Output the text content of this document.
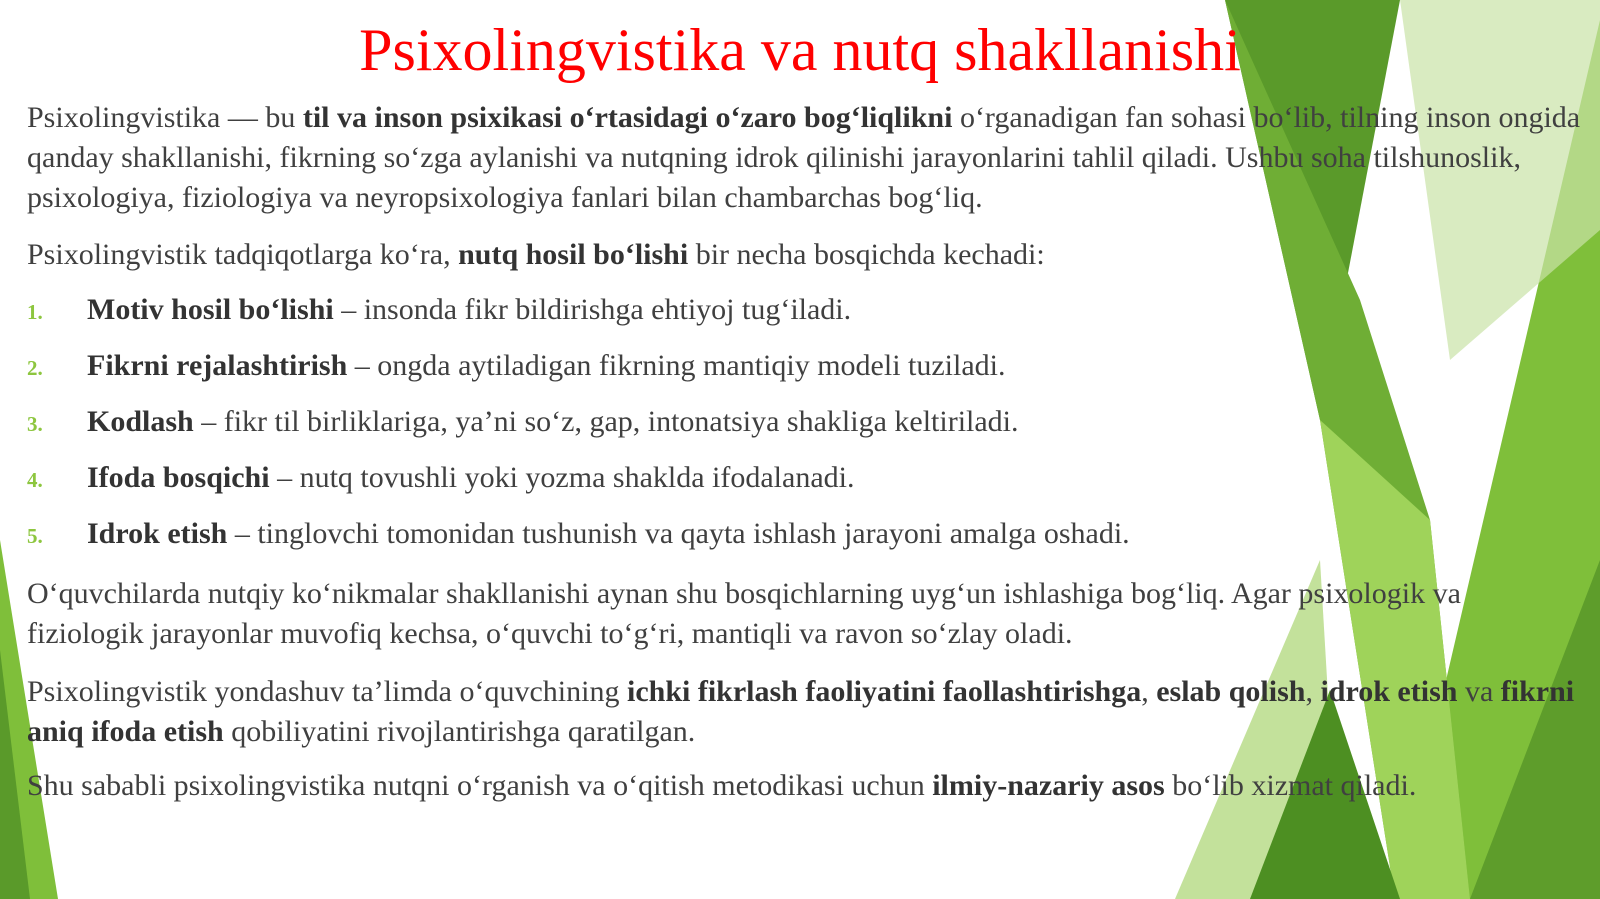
Psixolingvistika va nutq shakllanishi

Psixolingvistika — bu til va inson psixikasi o‘rtasidagi o‘zaro bog‘liqlikni o‘rganadigan fan sohasi bo‘lib, tilning inson ongida qanday shakllanishi, fikrning so‘zga aylanishi va nutqning idrok qilinishi jarayonlarini tahlil qiladi. Ushbu soha tilshunoslik, psixologiya, fiziologiya va neyropsixologiya fanlari bilan chambarchas bog‘liq.

Psixolingvistik tadqiqotlarga ko‘ra, nutq hosil bo‘lishi bir necha bosqichda kechadi:

1. Motiv hosil bo‘lishi – insonda fikr bildirishga ehtiyoj tug‘iladi.
2. Fikrni rejalashtirish – ongda aytiladigan fikrning mantiqiy modeli tuziladi.
3. Kodlash – fikr til birliklariga, ya’ni so‘z, gap, intonatsiya shakliga keltiriladi.
4. Ifoda bosqichi – nutq tovushli yoki yozma shaklda ifodalanadi.
5. Idrok etish – tinglovchi tomonidan tushunish va qayta ishlash jarayoni amalga oshadi.

O‘quvchilarda nutqiy ko‘nikmalar shakllanishi aynan shu bosqichlarning uyg‘un ishlashiga bog‘liq. Agar psixologik va fiziologik jarayonlar muvofiq kechsa, o‘quvchi to‘g‘ri, mantiqli va ravon so‘zlay oladi.

Psixolingvistik yondashuv ta’limda o‘quvchining ichki fikrlash faoliyatini faollashtirishga, eslab qolish, idrok etish va fikrni aniq ifoda etish qobiliyatini rivojlantirishga qaratilgan.

Shu sababli psixolingvistika nutqni o‘rganish va o‘qitish metodikasi uchun ilmiy-nazariy asos bo‘lib xizmat qiladi.
